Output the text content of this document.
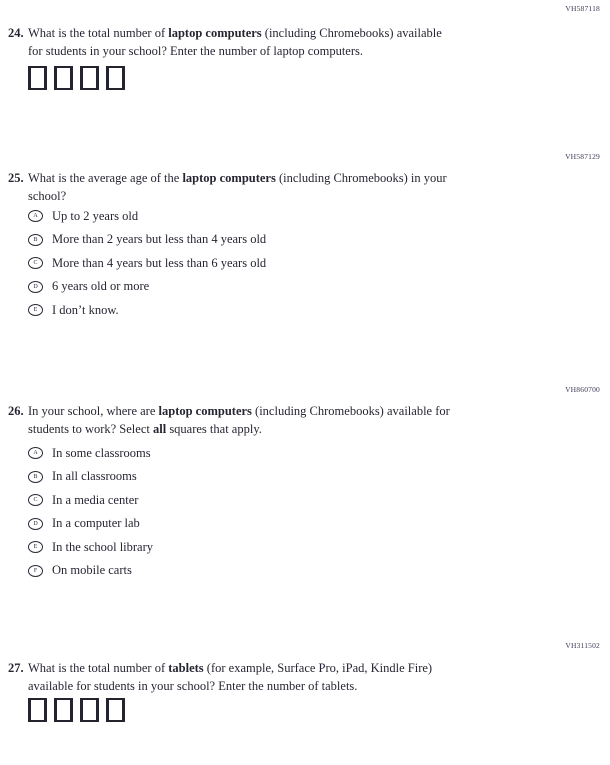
VH587118
24. What is the total number of laptop computers (including Chromebooks) available
for students in your school? Enter the number of laptop computers.
VH587129
25. What is the average age of the laptop computers (including Chromebooks) in your
school?
A	Up to 2 years old
B	More than 2 years but less than 4 years old
C	More than 4 years but less than 6 years old
D	6 years old or more
E	I don’t know.
VH860700
26. In your school, where are laptop computers (including Chromebooks) available for
students to work? Select all squares that apply.
A	In some classrooms
B	In all classrooms
C	In a media center
D	In a computer lab
E	In the school library
F	On mobile carts
VH311502
27. What is the total number of tablets (for example, Surface Pro, iPad, Kindle Fire)
available for students in your school? Enter the number of tablets.
